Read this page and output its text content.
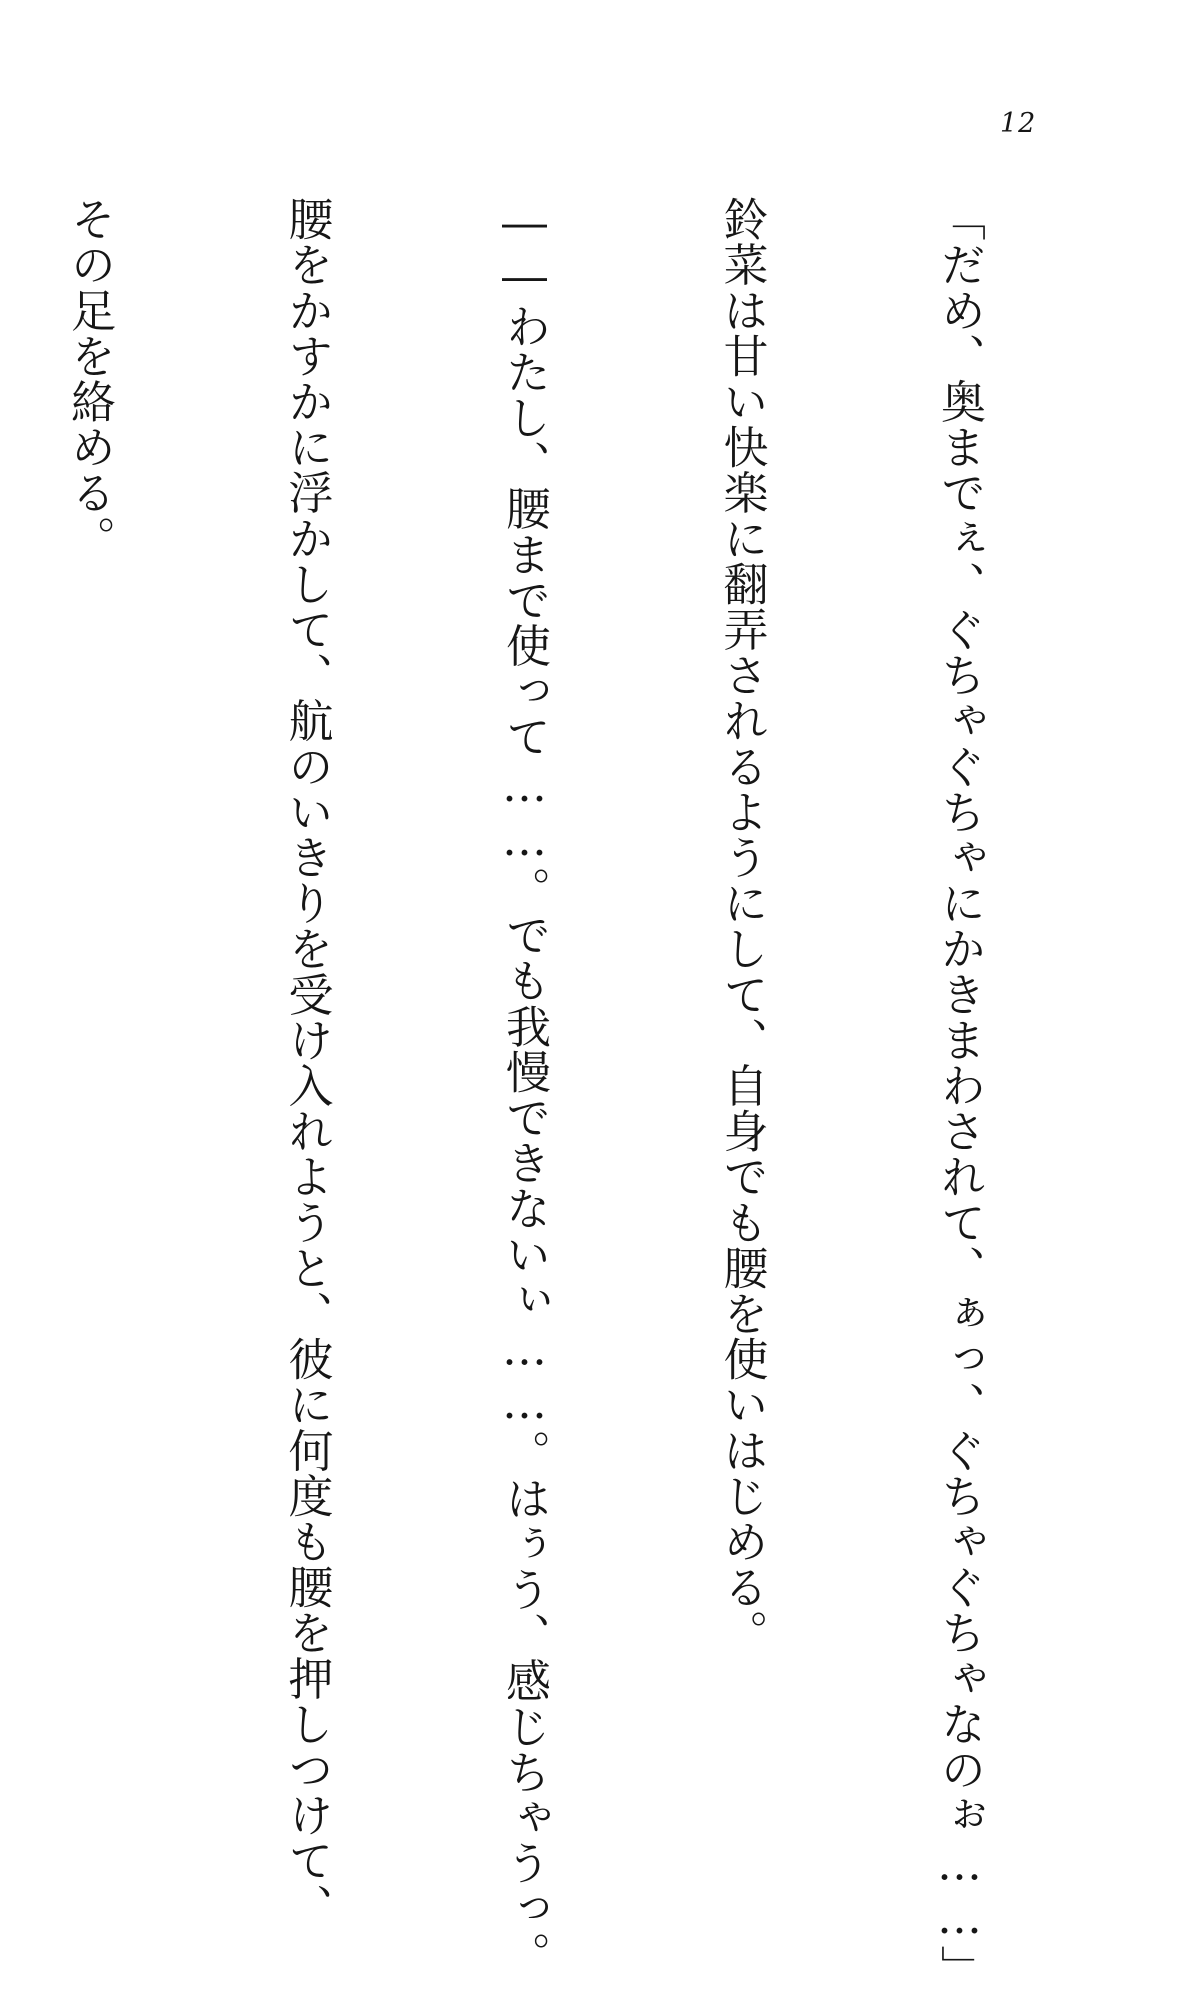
12

「だめ、奥までぇ、ぐちゃぐちゃにかきまわされて、ぁっ、ぐちゃぐちゃなのぉ……」

鈴菜は甘い快楽に翻弄されるようにして、自身でも腰を使いはじめる。

――わたし、腰まで使って……。でも我慢できないぃ……。はぅう、感じちゃうっ。

腰をかすかに浮かして、航のいきりを受け入れようと、彼に何度も腰を押しつけて、

その足を絡める。
